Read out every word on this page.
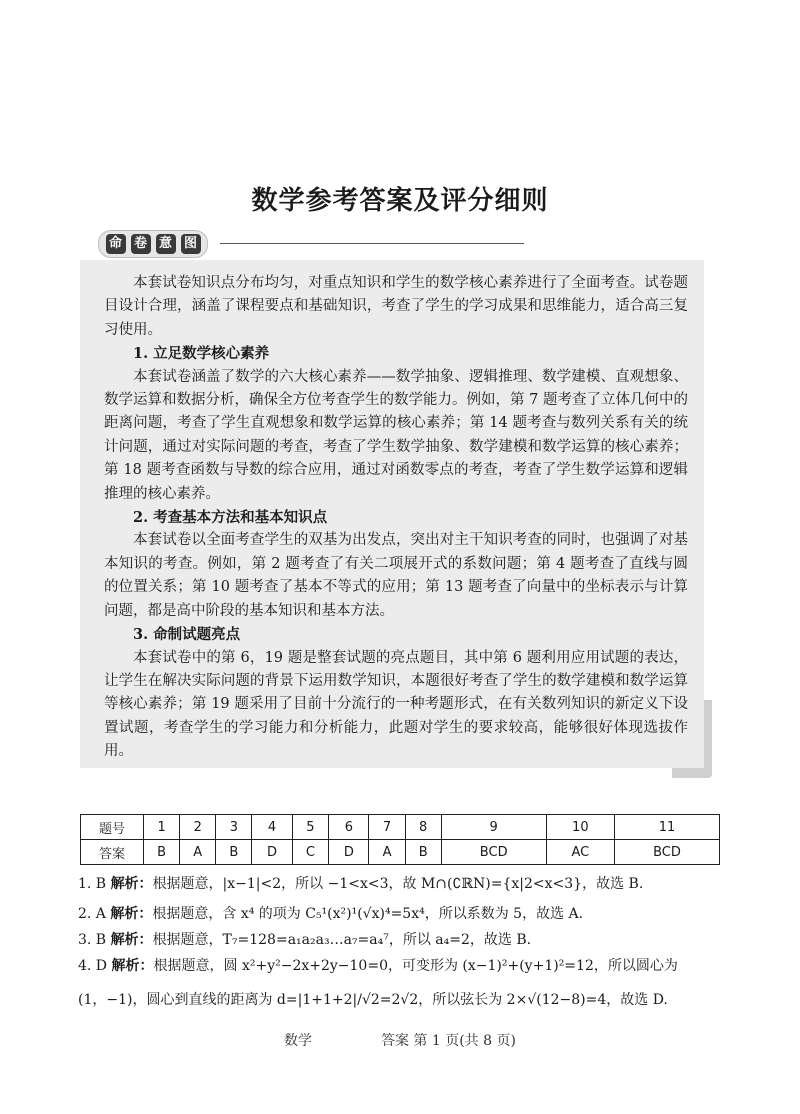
数学参考答案及评分细则
命 卷 意 图

本套试卷知识点分布均匀，对重点知识和学生的数学核心素养进行了全面考查。试卷题目设计合理，涵盖了课程要点和基础知识，考查了学生的学习成果和思维能力，适合高三复习使用。

1. 立足数学核心素养

本套试卷涵盖了数学的六大核心素养——数学抽象、逻辑推理、数学建模、直观想象、数学运算和数据分析，确保全方位考查学生的数学能力。例如，第 7 题考查了立体几何中的距离问题，考查了学生直观想象和数学运算的核心素养；第 14 题考查与数列关系有关的统计问题，通过对实际问题的考查，考查了学生数学抽象、数学建模和数学运算的核心素养；第 18 题考查函数与导数的综合应用，通过对函数零点的考查，考查了学生数学运算和逻辑推理的核心素养。

2. 考查基本方法和基本知识点

本套试卷以全面考查学生的双基为出发点，突出对主干知识考查的同时，也强调了对基本知识的考查。例如，第 2 题考查了有关二项展开式的系数问题；第 4 题考查了直线与圆的位置关系；第 10 题考查了基本不等式的应用；第 13 题考查了向量中的坐标表示与计算问题，都是高中阶段的基本知识和基本方法。

3. 命制试题亮点

本套试卷中的第 6，19 题是整套试题的亮点题目，其中第 6 题利用应用试题的表达，让学生在解决实际问题的背景下运用数学知识，本题很好考查了学生的数学建模和数学运算等核心素养；第 19 题采用了目前十分流行的一种考题形式，在有关数列知识的新定义下设置试题，考查学生的学习能力和分析能力，此题对学生的要求较高，能够很好体现选拔作用。

题号	1	2	3	4	5	6	7	8	9	10	11
答案	B	A	B	D	C	D	A	B	BCD	AC	BCD
1. B 解析：根据题意，|x−1|<2，所以 −1<x<3，故 M∩(∁ℝN)={x|2<x<3}，故选 B.
2. A 解析：根据题意，含 x⁴ 的项为 C₅¹(x²)¹(√x)⁴=5x⁴，所以系数为 5，故选 A.
3. B 解析：根据题意，T₇=128=a₁a₂a₃…a₇=a₄⁷，所以 a₄=2，故选 B.
4. D 解析：根据题意，圆 x²+y²−2x+2y−10=0，可变形为 (x−1)²+(y+1)²=12，所以圆心为
(1，−1)，圆心到直线的距离为 d=|1+1+2|/√2=2√2，所以弦长为 2×√(12−8)=4，故选 D.
数学	答案 第 1 页(共 8 页)
